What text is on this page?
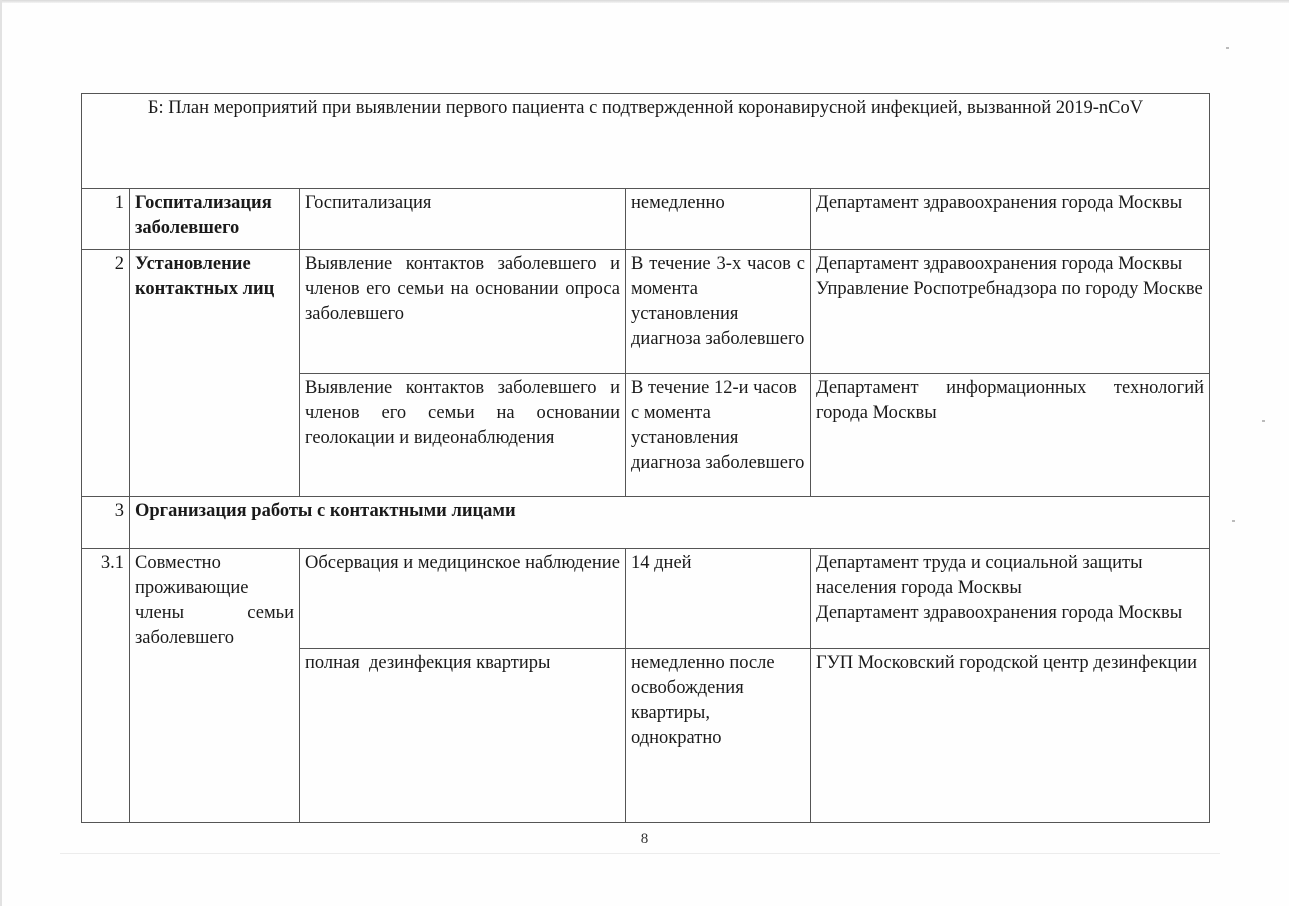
Б: План мероприятий при выявлении первого пациента с подтвержденной коронавирусной инфекцией, вызванной 2019-nCoV				
1	Госпитализация заболевшего	Госпитализация	немедленно	Департамент здравоохранения города Москвы
2	Установление контактных лиц	Выявление контактов заболевшего и членов его семьи на основании опроса заболевшего	В течение 3-х часов с момента установления диагноза заболевшего	Департамент здравоохранения города Москвы
Управление Роспотребнадзора по городу Москве

		Выявление контактов заболевшего и членов его семьи на основании геолокации и видеонаблюдения	В течение 12-и часов с момента установления диагноза заболевшего	Департамент информационных технологий города Москвы
3	Организация работы с контактными лицами			
3.1	Совместно проживающие члены семьи заболевшего	Обсервация и медицинское наблюдение	14 дней	Департамент труда и социальной защиты населения города Москвы
Департамент здравоохранения города Москвы

		полная  дезинфекция квартиры	немедленно после освобождения квартиры, однократно	ГУП Московский городской центр дезинфекции
8
